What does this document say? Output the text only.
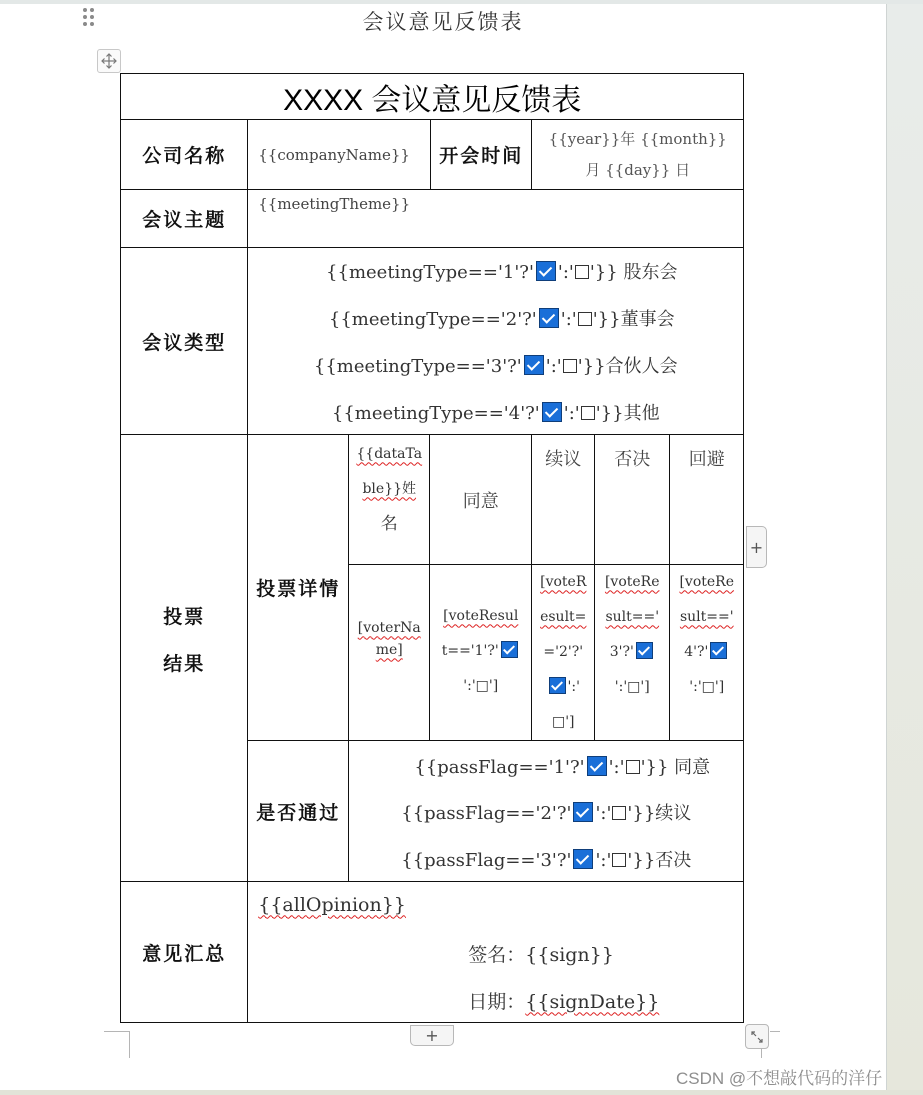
会议意见反馈表
XXXX 会议意见反馈表
公司名称 {{companyName}} 开会时间
{{year}}年 {{month}}
月 {{day}} 日
会议主题
{{meetingTheme}}
会议类型
{{meetingType=='1'?' ':' '}} 股东会
{{meetingType=='2'?' ':' '}}董事会
{{meetingType=='3'?' ':' '}}合伙人会
{{meetingType=='4'?' ':' '}}其他
投票
结果
投票详情
{{dataTa
ble}}姓
名
同意
续议	否决	回避
[voterNa
me]
[voteResul
t=='1'?'
':'□']
[voteR
esult=
='2'?'
':'
□']
[voteRe
sult=='
3'?'
':'□']
[voteRe
sult=='
4'?'
':'□']
是否通过
{{passFlag=='1'?' ':' '}} 同意
{{passFlag=='2'?' ':' '}}续议
{{passFlag=='3'?' ':' '}}否决
意见汇总
{{allOpinion}}
签名：{{sign}}
日期：{{signDate}}
+
+
CSDN @不想敲代码的洋仔
